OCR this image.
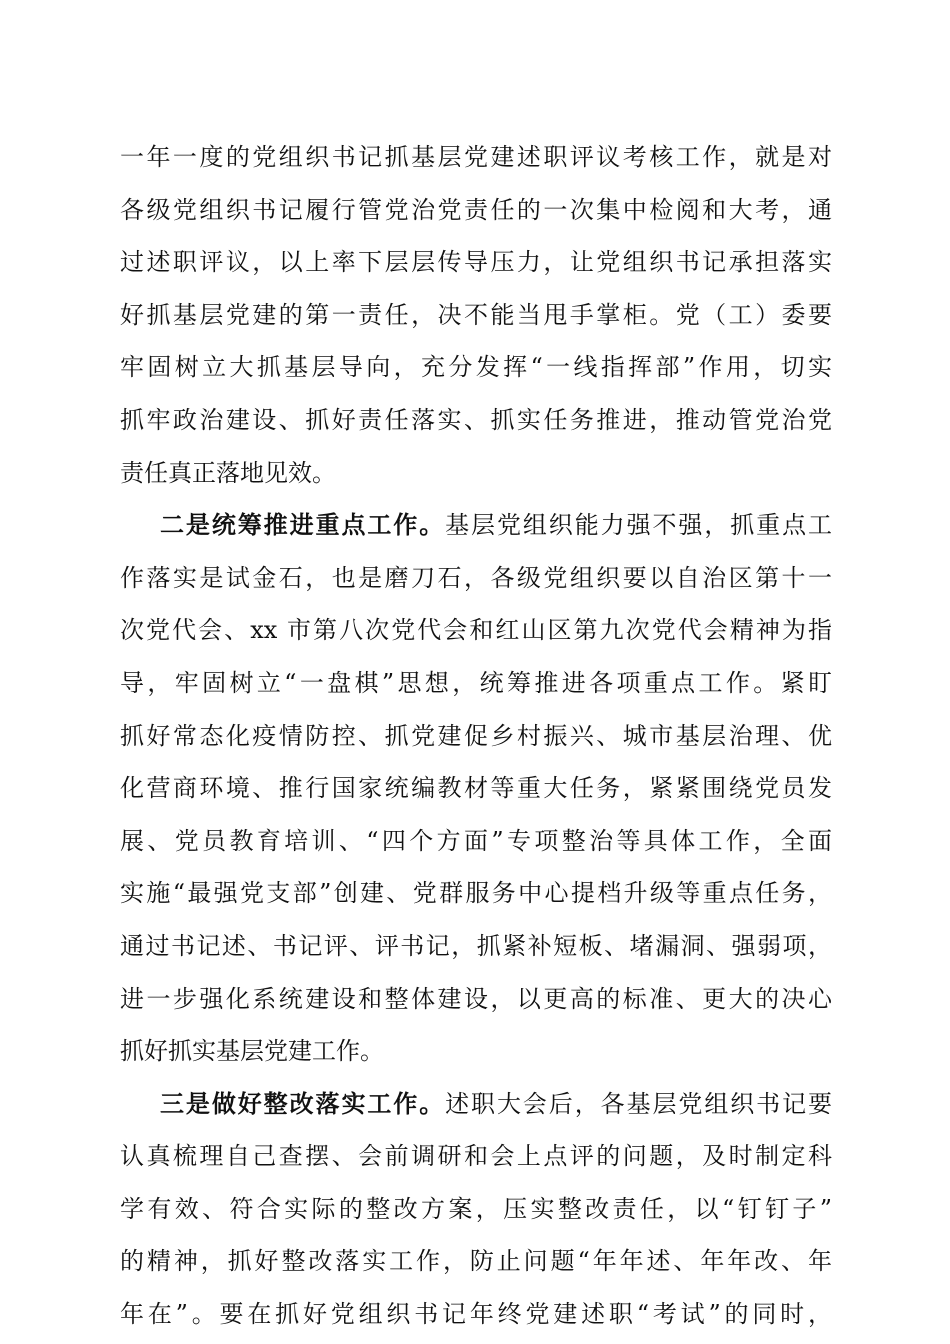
一年一度的党组织书记抓基层党建述职评议考核工作，就是对
各级党组织书记履行管党治党责任的一次集中检阅和大考，通
过述职评议，以上率下层层传导压力，让党组织书记承担落实
好抓基层党建的第一责任，决不能当甩手掌柜。党（工）委要
牢固树立大抓基层导向，充分发挥“一线指挥部”作用，切实
抓牢政治建设、抓好责任落实、抓实任务推进，推动管党治党
责任真正落地见效。
二是统筹推进重点工作。基层党组织能力强不强，抓重点工
作落实是试金石，也是磨刀石，各级党组织要以自治区第十一
次党代会、xx 市第八次党代会和红山区第九次党代会精神为指
导，牢固树立“一盘棋”思想，统筹推进各项重点工作。紧盯
抓好常态化疫情防控、抓党建促乡村振兴、城市基层治理、优
化营商环境、推行国家统编教材等重大任务，紧紧围绕党员发
展、党员教育培训、“四个方面”专项整治等具体工作，全面
实施“最强党支部”创建、党群服务中心提档升级等重点任务，
通过书记述、书记评、评书记，抓紧补短板、堵漏洞、强弱项，
进一步强化系统建设和整体建设，以更高的标准、更大的决心
抓好抓实基层党建工作。
三是做好整改落实工作。述职大会后，各基层党组织书记要
认真梳理自己查摆、会前调研和会上点评的问题，及时制定科
学有效、符合实际的整改方案，压实整改责任，以“钉钉子”
的精神，抓好整改落实工作，防止问题“年年述、年年改、年
年在”。要在抓好党组织书记年终党建述职“考试”的同时，
